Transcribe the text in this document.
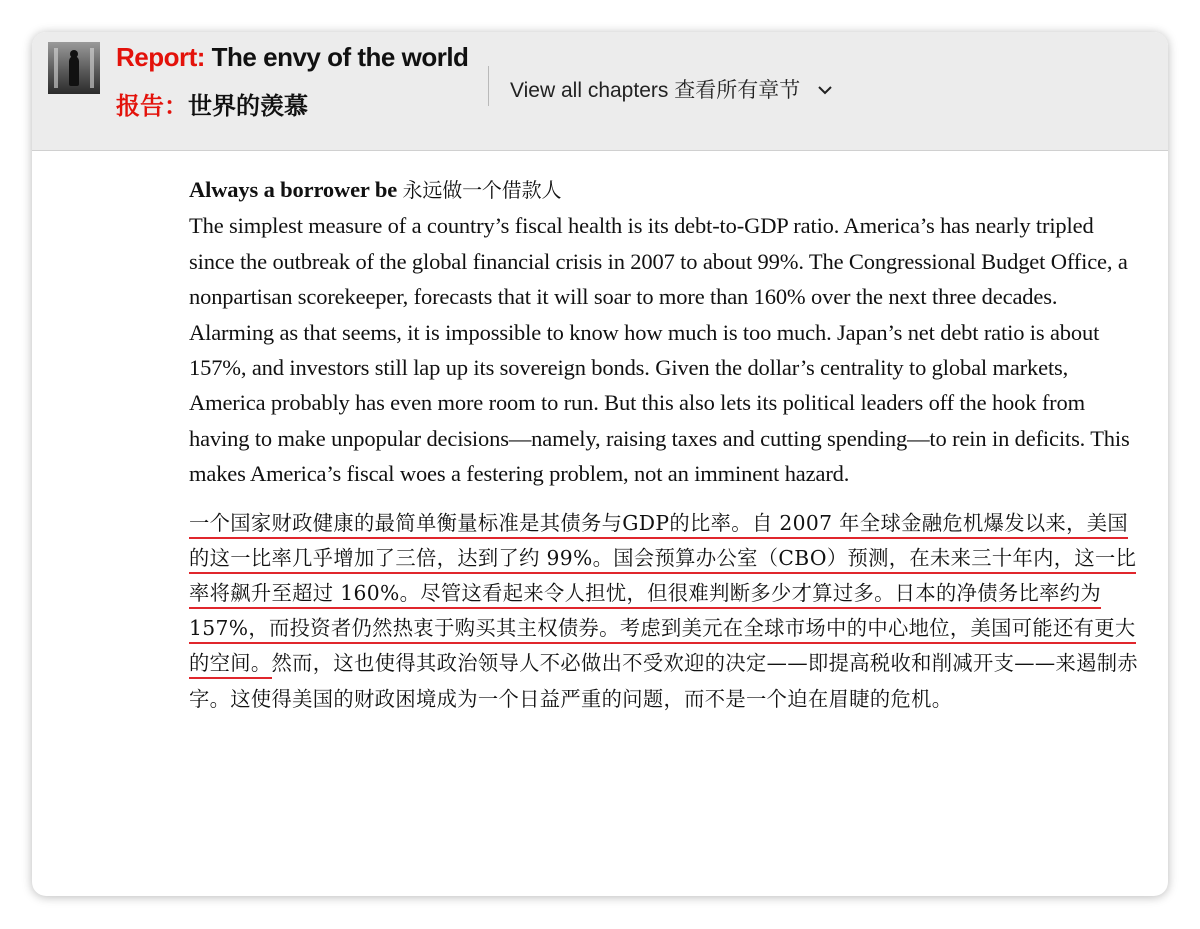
Report: The envy of the world
报告：世界的羡慕
View all chapters 查看所有章节

Always a borrower be 永远做一个借款人
The simplest measure of a country’s fiscal health is its debt-to-GDP ratio. America’s has nearly tripled since the outbreak of the global financial crisis in 2007 to about 99%. The Congressional Budget Office, a nonpartisan scorekeeper, forecasts that it will soar to more than 160% over the next three decades. Alarming as that seems, it is impossible to know how much is too much. Japan’s net debt ratio is about 157%, and investors still lap up its sovereign bonds. Given the dollar’s centrality to global markets, America probably has even more room to run. But this also lets its political leaders off the hook from having to make unpopular decisions—namely, raising taxes and cutting spending—to rein in deficits. This makes America’s fiscal woes a festering problem, not an imminent hazard.

一个国家财政健康的最简单衡量标准是其债务与GDP的比率。自 2007 年全球金融危机爆发以来，美国的这一比率几乎增加了三倍，达到了约 99%。国会预算办公室（CBO）预测，在未来三十年内，这一比率将飙升至超过 160%。尽管这看起来令人担忧，但很难判断多少才算过多。日本的净债务比率约为 157%，而投资者仍然热衷于购买其主权债券。考虑到美元在全球市场中的中心地位，美国可能还有更大的空间。然而，这也使得其政治领导人不必做出不受欢迎的决定——即提高税收和削减开支——来遏制赤字。这使得美国的财政困境成为一个日益严重的问题，而不是一个迫在眉睫的危机。
